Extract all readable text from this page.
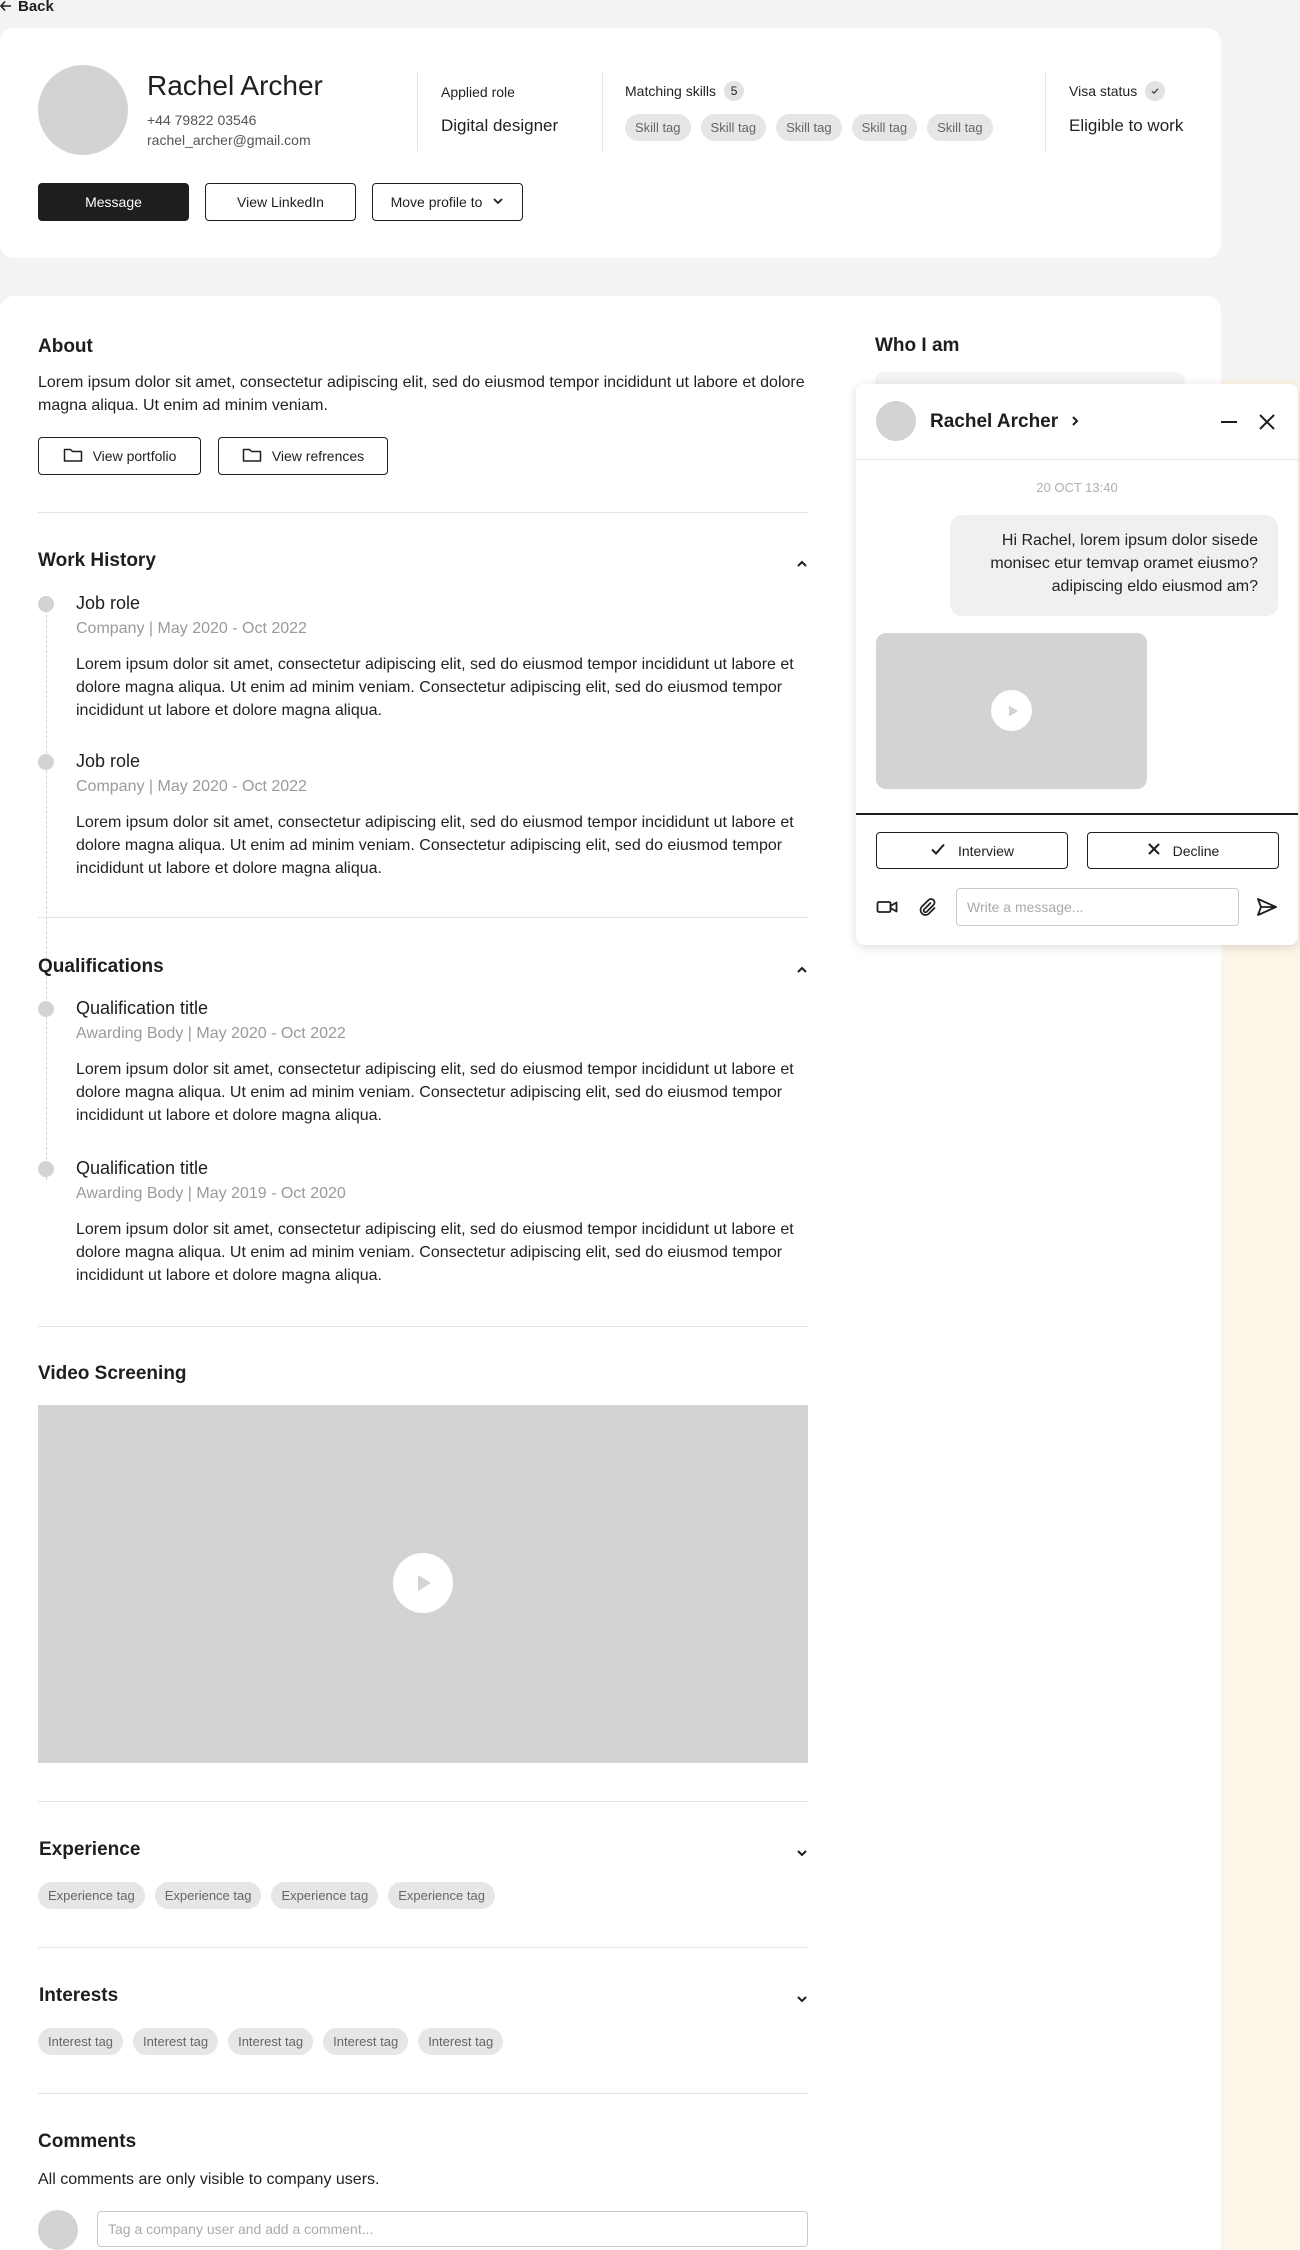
Back
Rachel Archer
+44 79822 03546
rachel_archer@gmail.com
Applied role
Digital designer
Matching skills	5
Skill tag	Skill tag	Skill tag	Skill tag	Skill tag
Visa status
Eligible to work
Message	View LinkedIn	Move profile to
About
Lorem ipsum dolor sit amet, consectetur adipiscing elit, sed do eiusmod tempor incididunt ut labore et dolore magna aliqua. Ut enim ad minim veniam.
View portfolio	View refrences
Work History
Job role
Company | May 2020 - Oct 2022
Lorem ipsum dolor sit amet, consectetur adipiscing elit, sed do eiusmod tempor incididunt ut labore et dolore magna aliqua. Ut enim ad minim veniam. Consectetur adipiscing elit, sed do eiusmod tempor incididunt ut labore et dolore magna aliqua.
Job role
Company | May 2020 - Oct 2022
Lorem ipsum dolor sit amet, consectetur adipiscing elit, sed do eiusmod tempor incididunt ut labore et dolore magna aliqua. Ut enim ad minim veniam. Consectetur adipiscing elit, sed do eiusmod tempor incididunt ut labore et dolore magna aliqua.
Qualifications
Qualification title
Awarding Body | May 2020 - Oct 2022
Lorem ipsum dolor sit amet, consectetur adipiscing elit, sed do eiusmod tempor incididunt ut labore et dolore magna aliqua. Ut enim ad minim veniam. Consectetur adipiscing elit, sed do eiusmod tempor incididunt ut labore et dolore magna aliqua.
Qualification title
Awarding Body | May 2019 - Oct 2020
Lorem ipsum dolor sit amet, consectetur adipiscing elit, sed do eiusmod tempor incididunt ut labore et dolore magna aliqua. Ut enim ad minim veniam. Consectetur adipiscing elit, sed do eiusmod tempor incididunt ut labore et dolore magna aliqua.
Video Screening
Experience
Experience tag	Experience tag	Experience tag	Experience tag
Interests
Interest tag	Interest tag	Interest tag	Interest tag	Interest tag
Comments
All comments are only visible to company users.
Tag a company user and add a comment...
Who I am
Rachel Archer
20 OCT 13:40
Hi Rachel, lorem ipsum dolor sisede monisec etur temvap oramet eiusmo? adipiscing eldo eiusmod am?
Interview	Decline
Write a message...
